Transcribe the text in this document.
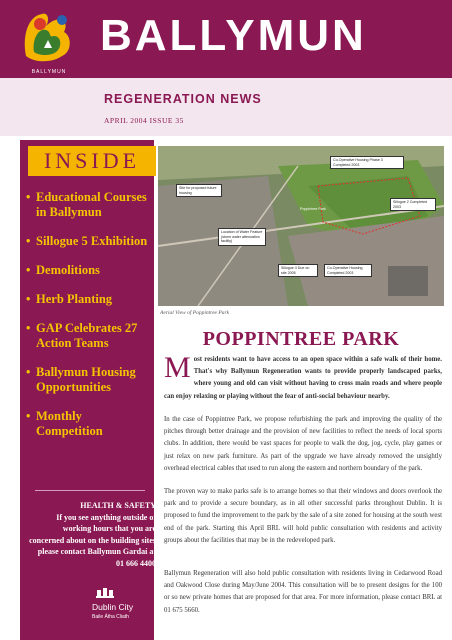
BALLYMUN
BALLYMUN
REGENERATION NEWS
APRIL 2004 ISSUE 35
INSIDE
• Educational Courses in Ballymun
• Sillogue 5 Exhibition
• Demolitions
• Herb Planting
• GAP Celebrates 27 Action Teams
• Ballymun Housing Opportunities
• Monthly Competition
HEALTH & SAFETY
If you see anything outside of working hours that you are concerned about on the building sites please contact Ballymun Gardaí at 01 666 4400
Dublin City
Baile Átha Cliath
Co-Operative Housing Phase 3 Completed 2003
Site for proposed future housing
Poppintree Park
Sillogue 2 Completed 2003
Location of Water Feature (storm water attenuation facility)
Sillogue 4 Due on site 2005
Co-Operative Housing Completed 2003
Aerial View of Poppintree Park
POPPINTREE PARK
Most residents want to have access to an open space within a safe walk of their home. That's why Ballymun Regeneration wants to provide properly landscaped parks, where young and old can visit without having to cross main roads and where people can enjoy relaxing or playing without the fear of anti-social behaviour nearby.
In the case of Poppintree Park, we propose refurbishing the park and improving the quality of the pitches through better drainage and the provision of new facilities to reflect the needs of local sports clubs. In addition, there would be vast spaces for people to walk the dog, jog, cycle, play games or just relax on new park furniture. As part of the upgrade we have already removed the unsightly overhead electrical cables that used to run along the eastern and northern boundary of the park.
The proven way to make parks safe is to arrange homes so that their windows and doors overlook the park and to provide a secure boundary, as in all other successful parks throughout Dublin. It is proposed to fund the improvement to the park by the sale of a site zoned for housing at the south west end of the park. Starting this April BRL will hold public consultation with residents and activity groups about the facilities that may be in the redeveloped park.
Ballymun Regeneration will also hold public consultation with residents living in Cedarwood Road and Oakwood Close during May/June 2004. This consultation will be to present designs for the 100 or so new private homes that are proposed for that area. For more information, please contact BRL at 01 675 5660.
